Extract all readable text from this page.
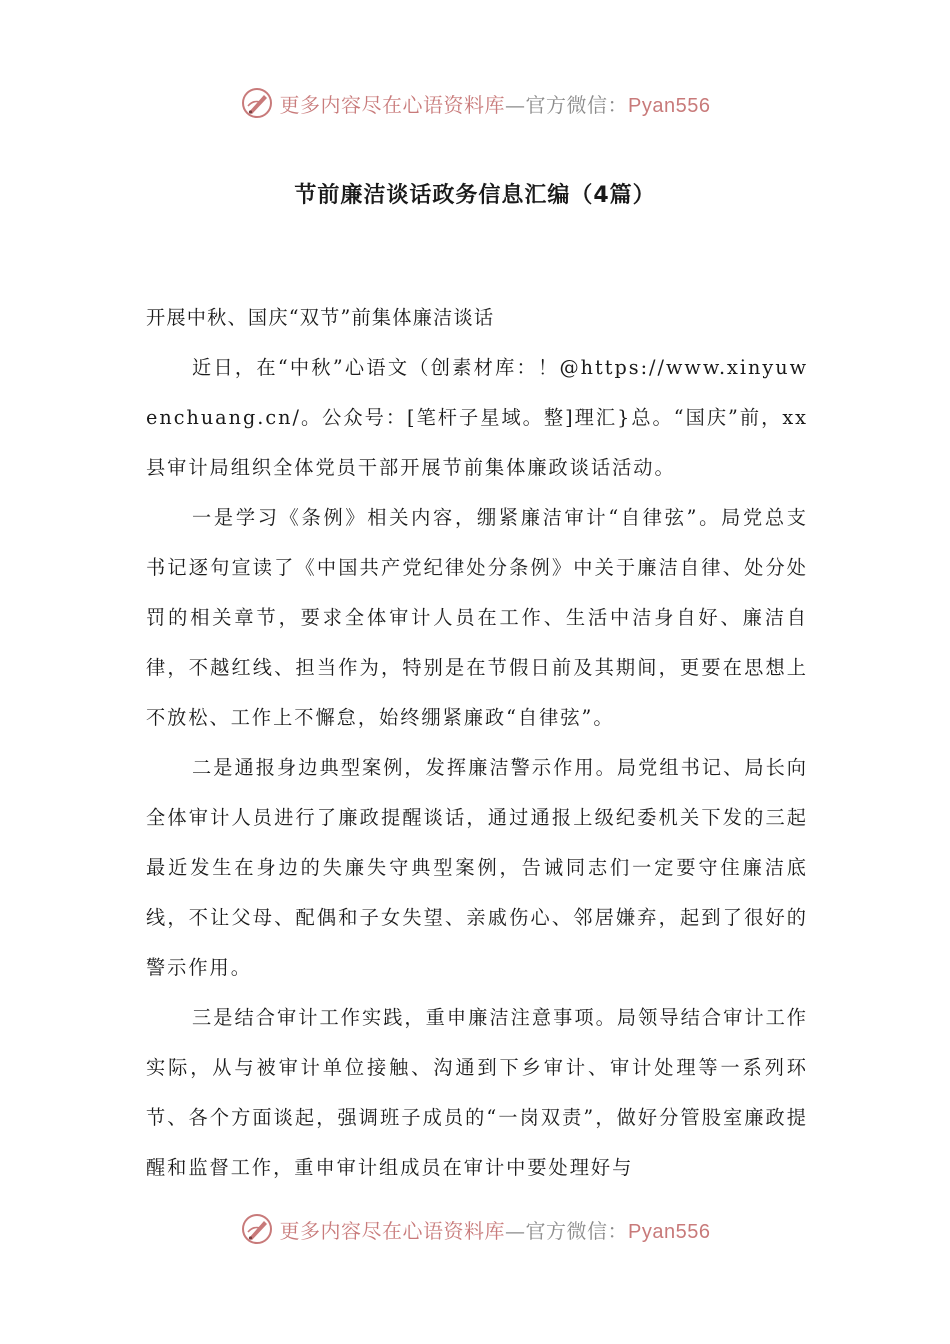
更多内容尽在心语资料库—官方微信：Pyan556
节前廉洁谈话政务信息汇编（4篇）

开展中秋、国庆“双节”前集体廉洁谈话

近日，在“中秋”心语文（创素材库：！@https://www.xinyuwenchuang.cn/。公众号：[笔杆子星域。整]理汇}总。“国庆”前，xx县审计局组织全体党员干部开展节前集体廉政谈话活动。

一是学习《条例》相关内容，绷紧廉洁审计“自律弦”。局党总支书记逐句宣读了《中国共产党纪律处分条例》中关于廉洁自律、处分处罚的相关章节，要求全体审计人员在工作、生活中洁身自好、廉洁自律，不越红线、担当作为，特别是在节假日前及其期间，更要在思想上不放松、工作上不懈怠，始终绷紧廉政“自律弦”。

二是通报身边典型案例，发挥廉洁警示作用。局党组书记、局长向全体审计人员进行了廉政提醒谈话，通过通报上级纪委机关下发的三起最近发生在身边的失廉失守典型案例，告诫同志们一定要守住廉洁底线，不让父母、配偶和子女失望、亲戚伤心、邻居嫌弃，起到了很好的警示作用。

三是结合审计工作实践，重申廉洁注意事项。局领导结合审计工作实际，从与被审计单位接触、沟通到下乡审计、审计处理等一系列环节、各个方面谈起，强调班子成员的“一岗双责”，做好分管股室廉政提醒和监督工作，重申审计组成员在审计中要处理好与

更多内容尽在心语资料库—官方微信：Pyan556
